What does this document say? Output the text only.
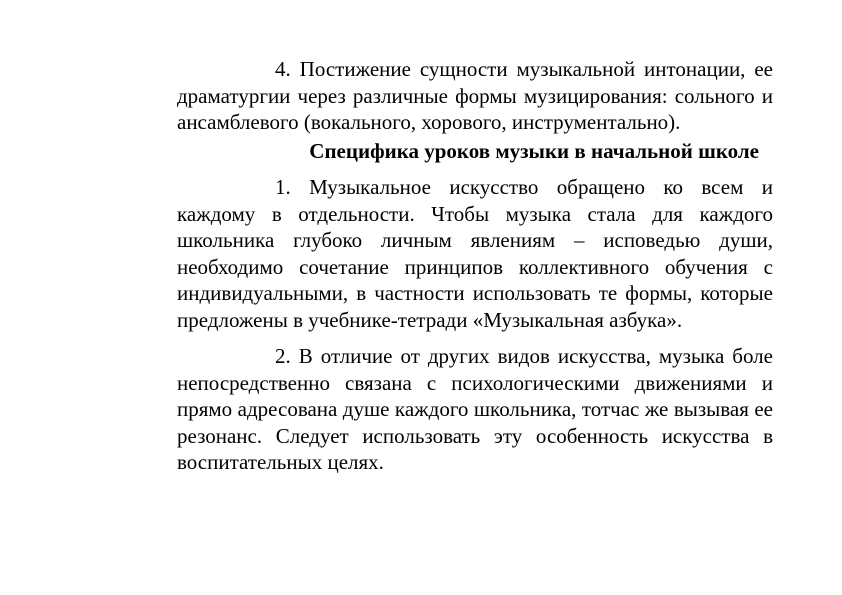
4. Постижение сущности музыкальной интонации, ее драматургии через различные формы музицирования: сольного и ансамблевого (вокального, хорового, инструментально).

Специфика уроков музыки в начальной школе

1. Музыкальное искусство обращено ко всем и каждому в отдельности. Чтобы музыка стала для каждого школьника глубоко личным явлениям – исповедью души, необходимо сочетание принципов коллективного обучения с индивидуальными, в частности использовать те формы, которые предложены в учебнике-тетради «Музыкальная азбука».

2. В отличие от других видов искусства, музыка боле непосредственно связана с психологическими движениями и прямо адресована душе каждого школьника, тотчас же вызывая ее резонанс. Следует использовать эту особенность искусства в воспитательных целях.
